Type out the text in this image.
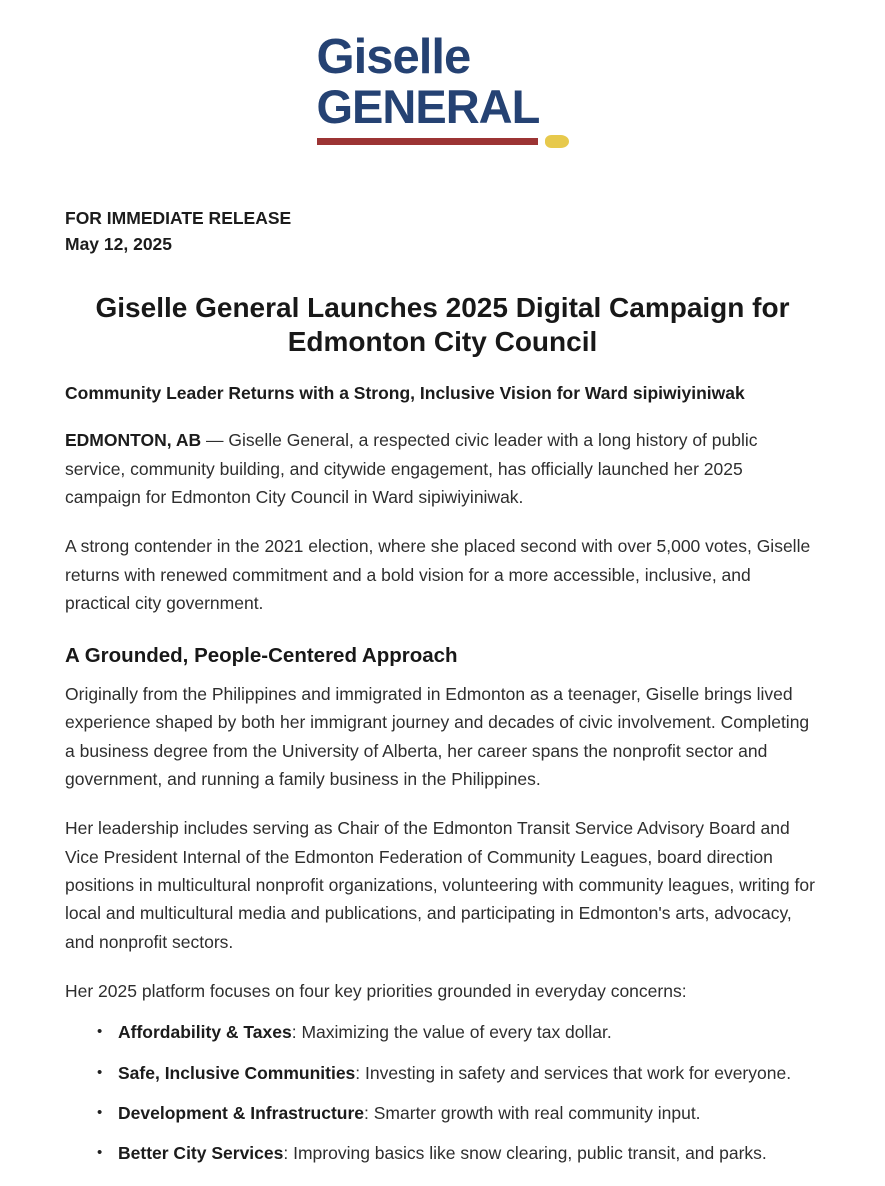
Giselle
GENERAL
FOR IMMEDIATE RELEASE
May 12, 2025
Giselle General Launches 2025 Digital Campaign for Edmonton City Council
Community Leader Returns with a Strong, Inclusive Vision for Ward sipiwiyiniwak

EDMONTON, AB — Giselle General, a respected civic leader with a long history of public service, community building, and citywide engagement, has officially launched her 2025 campaign for Edmonton City Council in Ward sipiwiyiniwak.

A strong contender in the 2021 election, where she placed second with over 5,000 votes, Giselle returns with renewed commitment and a bold vision for a more accessible, inclusive, and practical city government.

A Grounded, People-Centered Approach

Originally from the Philippines and immigrated in Edmonton as a teenager, Giselle brings lived experience shaped by both her immigrant journey and decades of civic involvement. Completing a business degree from the University of Alberta, her career spans the nonprofit sector and government, and running a family business in the Philippines.

Her leadership includes serving as Chair of the Edmonton Transit Service Advisory Board and Vice President Internal of the Edmonton Federation of Community Leagues, board direction positions in multicultural nonprofit organizations, volunteering with community leagues, writing for local and multicultural media and publications, and participating in Edmonton's arts, advocacy, and nonprofit sectors.

Her 2025 platform focuses on four key priorities grounded in everyday concerns:

• Affordability & Taxes: Maximizing the value of every tax dollar.
• Safe, Inclusive Communities: Investing in safety and services that work for everyone.
• Development & Infrastructure: Smarter growth with real community input.
• Better City Services: Improving basics like snow clearing, public transit, and parks.
